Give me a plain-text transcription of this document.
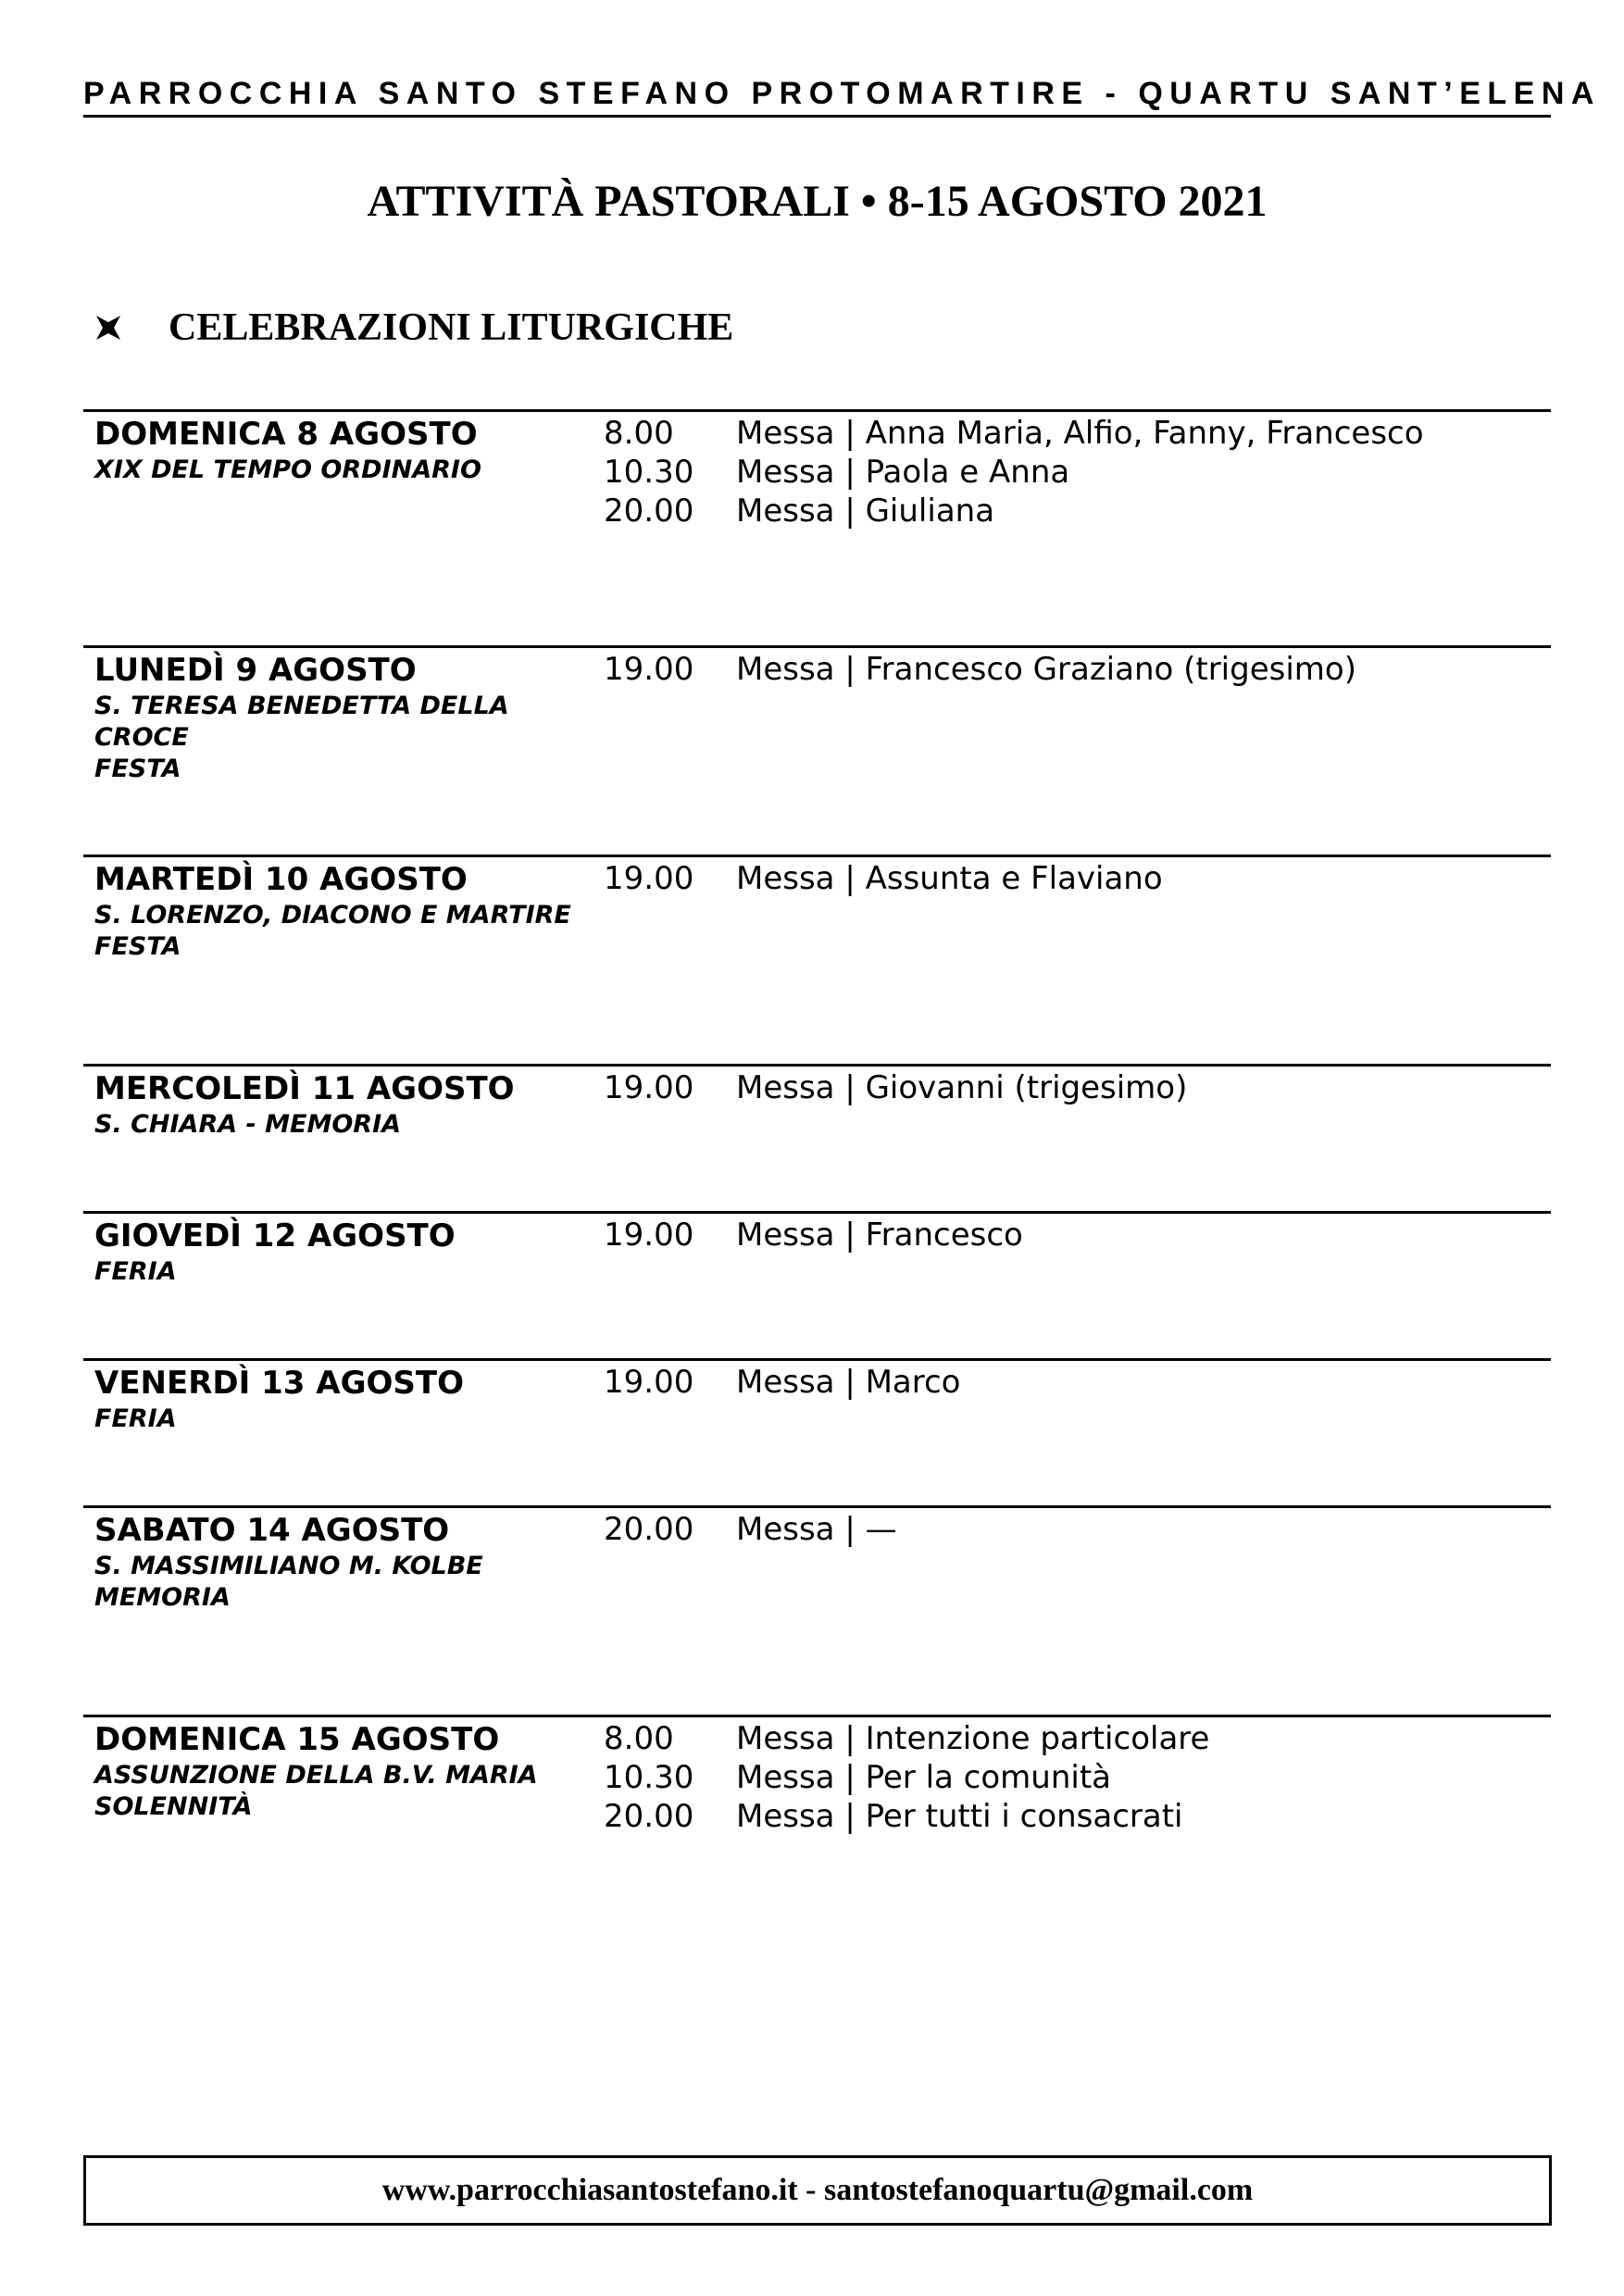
PARROCCHIA SANTO STEFANO PROTOMARTIRE - QUARTU SANT’ELENA
ATTIVITÀ PASTORALI • 8-15 AGOSTO 2021
CELEBRAZIONI LITURGICHE
DOMENICA 8 AGOSTO
XIX DEL TEMPO ORDINARIO
8.00	Messa | Anna Maria, Alfio, Fanny, Francesco
10.30	Messa | Paola e Anna
20.00	Messa | Giuliana
LUNEDÌ 9 AGOSTO
S. TERESA BENEDETTA DELLA CROCE
FESTA
19.00	Messa | Francesco Graziano (trigesimo)
MARTEDÌ 10 AGOSTO
S. LORENZO, DIACONO E MARTIRE
FESTA
19.00	Messa | Assunta e Flaviano
MERCOLEDÌ 11 AGOSTO
S. CHIARA - MEMORIA
19.00	Messa | Giovanni (trigesimo)
GIOVEDÌ 12 AGOSTO
FERIA
19.00	Messa | Francesco
VENERDÌ 13 AGOSTO
FERIA
19.00	Messa | Marco
SABATO 14 AGOSTO
S. MASSIMILIANO M. KOLBE
MEMORIA
20.00	Messa | —
DOMENICA 15 AGOSTO
ASSUNZIONE DELLA B.V. MARIA
SOLENNITÀ
8.00	Messa | Intenzione particolare
10.30	Messa | Per la comunità
20.00	Messa | Per tutti i consacrati
www.parrocchiasantostefano.it - santostefanoquartu@gmail.com
